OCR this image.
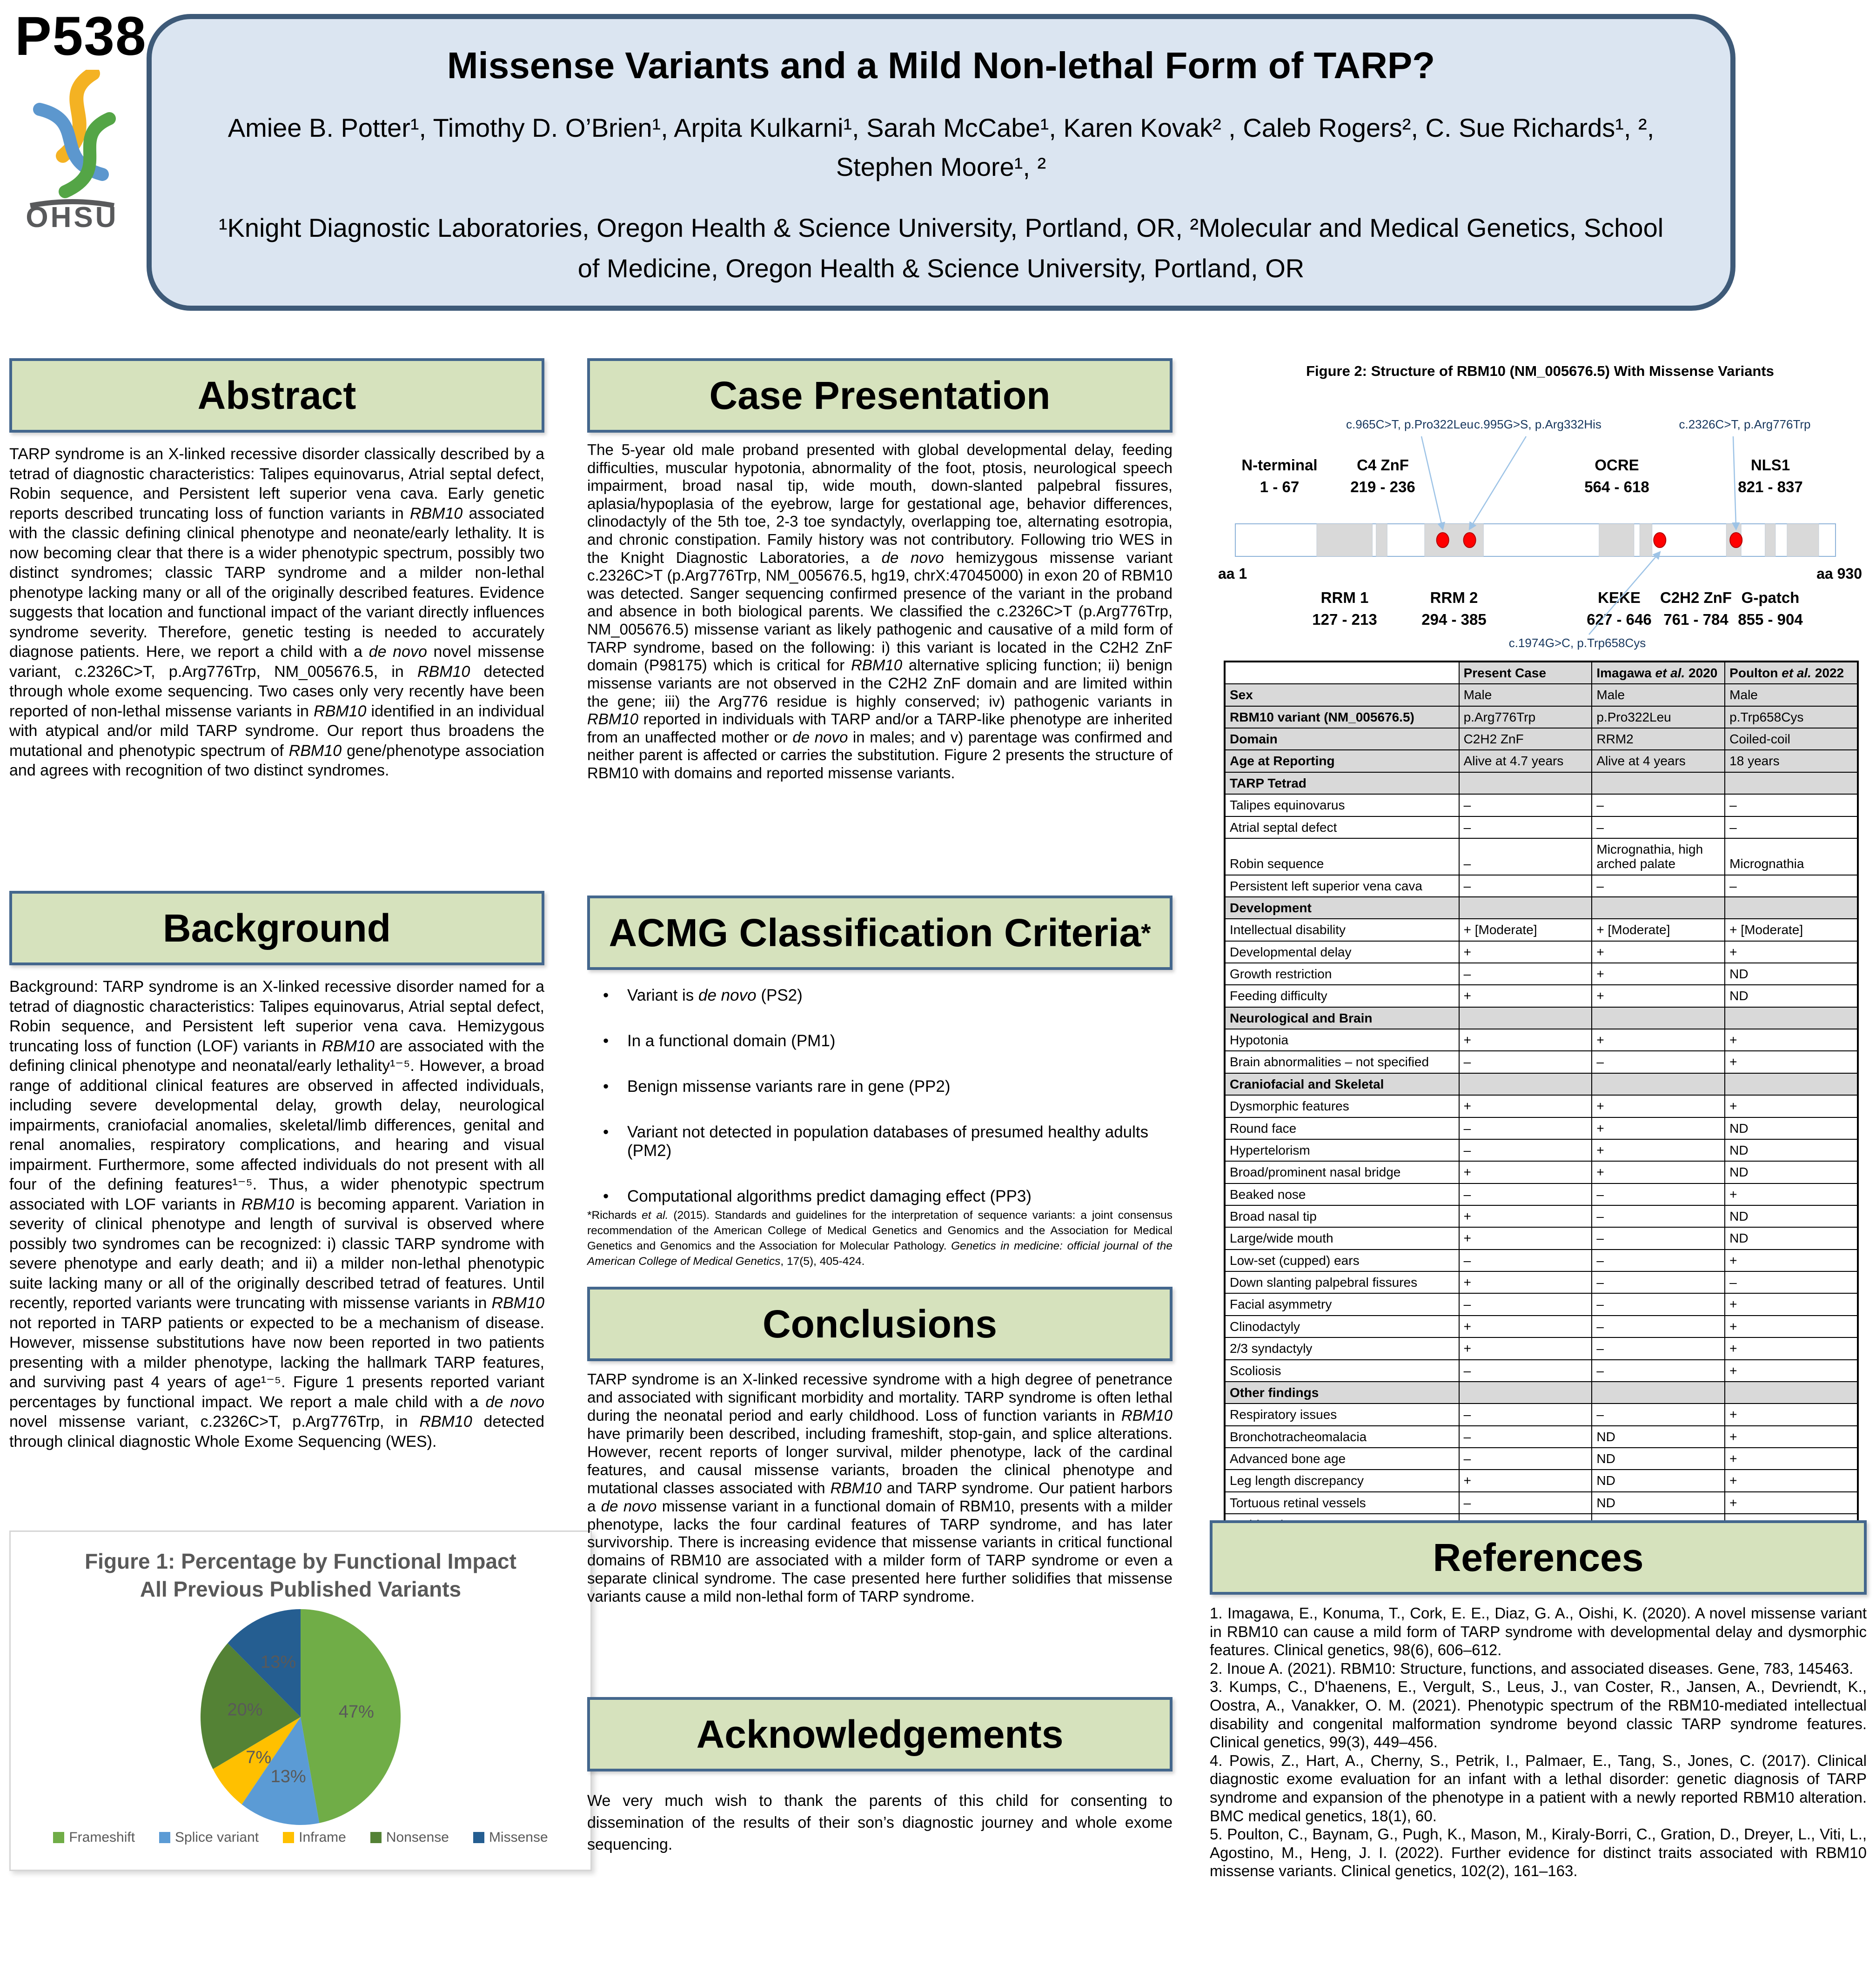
P538
OHSU
Missense Variants and a Mild Non-lethal Form of TARP?
Amiee B. Potter¹, Timothy D. O’Brien¹, Arpita Kulkarni¹, Sarah McCabe¹, Karen Kovak² , Caleb Rogers², C. Sue Richards¹, ², Stephen Moore¹, ²
¹Knight Diagnostic Laboratories, Oregon Health & Science University, Portland, OR, ²Molecular and Medical Genetics, School of Medicine, Oregon Health & Science University, Portland, OR
Abstract
TARP syndrome is an X-linked recessive disorder classically described by a tetrad of diagnostic characteristics: Talipes equinovarus, Atrial septal defect, Robin sequence, and Persistent left superior vena cava. Early genetic reports described truncating loss of function variants in RBM10 associated with the classic defining clinical phenotype and neonate/early lethality. It is now becoming clear that there is a wider phenotypic spectrum, possibly two distinct syndromes; classic TARP syndrome and a milder non-lethal phenotype lacking many or all of the originally described features. Evidence suggests that location and functional impact of the variant directly influences syndrome severity. Therefore, genetic testing is needed to accurately diagnose patients. Here, we report a child with a de novo novel missense variant, c.2326C>T, p.Arg776Trp, NM_005676.5, in RBM10 detected through whole exome sequencing. Two cases only very recently have been reported of non-lethal missense variants in RBM10 identified in an individual with atypical and/or mild TARP syndrome. Our report thus broadens the mutational and phenotypic spectrum of RBM10 gene/phenotype association and agrees with recognition of two distinct syndromes.
Background
Background: TARP syndrome is an X-linked recessive disorder named for a tetrad of diagnostic characteristics: Talipes equinovarus, Atrial septal defect, Robin sequence, and Persistent left superior vena cava. Hemizygous truncating loss of function (LOF) variants in RBM10 are associated with the defining clinical phenotype and neonatal/early lethality¹⁻⁵. However, a broad range of additional clinical features are observed in affected individuals, including severe developmental delay, growth delay, neurological impairments, craniofacial anomalies, skeletal/limb differences, genital and renal anomalies, respiratory complications, and hearing and visual impairment. Furthermore, some affected individuals do not present with all four of the defining features¹⁻⁵. Thus, a wider phenotypic spectrum associated with LOF variants in RBM10 is becoming apparent. Variation in severity of clinical phenotype and length of survival is observed where possibly two syndromes can be recognized: i) classic TARP syndrome with severe phenotype and early death; and ii) a milder non-lethal phenotypic suite lacking many or all of the originally described tetrad of features. Until recently, reported variants were truncating with missense variants in RBM10 not reported in TARP patients or expected to be a mechanism of disease. However, missense substitutions have now been reported in two patients presenting with a milder phenotype, lacking the hallmark TARP features, and surviving past 4 years of age¹⁻⁵. Figure 1 presents reported variant percentages by functional impact. We report a male child with a de novo novel missense variant, c.2326C>T, p.Arg776Trp, in RBM10 detected through clinical diagnostic Whole Exome Sequencing (WES).
Figure 1: Percentage by Functional Impact
All Previous Published Variants
47%
13%
7%
20%
13%
Frameshift	Splice variant	Inframe	Nonsense	Missense
Case Presentation
The 5-year old male proband presented with global developmental delay, feeding difficulties, muscular hypotonia, abnormality of the foot, ptosis, neurological speech impairment, broad nasal tip, wide mouth, down-slanted palpebral fissures, aplasia/hypoplasia of the eyebrow, large for gestational age, behavior differences, clinodactyly of the 5th toe, 2-3 toe syndactyly, overlapping toe, alternating esotropia, and chronic constipation. Family history was not contributory. Following trio WES in the Knight Diagnostic Laboratories, a de novo hemizygous missense variant c.2326C>T (p.Arg776Trp, NM_005676.5, hg19, chrX:47045000) in exon 20 of RBM10 was detected. Sanger sequencing confirmed presence of the variant in the proband and absence in both biological parents. We classified the c.2326C>T (p.Arg776Trp, NM_005676.5) missense variant as likely pathogenic and causative of a mild form of TARP syndrome, based on the following: i) this variant is located in the C2H2 ZnF domain (P98175) which is critical for RBM10 alternative splicing function; ii) benign missense variants are not observed in the C2H2 ZnF domain and are limited within the gene; iii) the Arg776 residue is highly conserved; iv) pathogenic variants in RBM10 reported in individuals with TARP and/or a TARP-like phenotype are inherited from an unaffected mother or de novo in males; and v) parentage was confirmed and neither parent is affected or carries the substitution. Figure 2 presents the structure of RBM10 with domains and reported missense variants.
ACMG Classification Criteria *
• Variant is de novo (PS2)
• In a functional domain (PM1)
• Benign missense variants rare in gene (PP2)
• Variant not detected in population databases of presumed healthy adults (PM2)
• Computational algorithms predict damaging effect (PP3)
*Richards et al. (2015). Standards and guidelines for the interpretation of sequence variants: a joint consensus recommendation of the American College of Medical Genetics and Genomics and the Association for Medical Genetics and Genomics and the Association for Molecular Pathology. Genetics in medicine: official journal of the American College of Medical Genetics, 17(5), 405-424.
Conclusions
TARP syndrome is an X-linked recessive syndrome with a high degree of penetrance and associated with significant morbidity and mortality. TARP syndrome is often lethal during the neonatal period and early childhood. Loss of function variants in RBM10 have primarily been described, including frameshift, stop-gain, and splice alterations. However, recent reports of longer survival, milder phenotype, lack of the cardinal features, and causal missense variants, broaden the clinical phenotype and mutational classes associated with RBM10 and TARP syndrome. Our patient harbors a de novo missense variant in a functional domain of RBM10, presents with a milder phenotype, lacks the four cardinal features of TARP syndrome, and has later survivorship. There is increasing evidence that missense variants in critical functional domains of RBM10 are associated with a milder form of TARP syndrome or even a separate clinical syndrome. The case presented here further solidifies that missense variants cause a mild non-lethal form of TARP syndrome.
Acknowledgements
We very much wish to thank the parents of this child for consenting to dissemination of the results of their son’s diagnostic journey and whole exome sequencing.
Figure 2: Structure of RBM10 (NM_005676.5) With Missense Variants
N-terminal
1 - 67
RRM 1
127 - 213
C4 ZnF
219 - 236
RRM 2
294 - 385
OCRE
564 - 618
KEKE
627 - 646
C2H2 ZnF
761 - 784
NLS1
821 - 837
G-patch
855 - 904
aa 1	aa 930
c.965C>T, p.Pro322Leu c.995G>S, p.Arg332His	c.2326C>T, p.Arg776Trp
c.1974G>C, p.Trp658Cys
	Present Case	Imagawa et al. 2020	Poulton et al. 2022
Sex	Male	Male	Male
RBM10 variant (NM_005676.5)	p.Arg776Trp	p.Pro322Leu	p.Trp658Cys
Domain	C2H2 ZnF	RRM2	Coiled-coil
Age at Reporting	Alive at 4.7 years	Alive at 4 years	18 years
TARP Tetrad			
Talipes equinovarus	–	–	–
Atrial septal defect	–	–	–
Robin sequence	–	Micrognathia, high arched palate	Micrognathia
Persistent left superior vena cava	–	–	–
Development			
Intellectual disability	+ [Moderate]	+ [Moderate]	+ [Moderate]
Developmental delay	+	+	+
Growth restriction	–	+	ND
Feeding difficulty	+	+	ND
Neurological and Brain			
Hypotonia	+	+	+
Brain abnormalities – not specified	–	–	+
Craniofacial and Skeletal			
Dysmorphic features	+	+	+
Round face	–	+	ND
Hypertelorism	–	+	ND
Broad/prominent nasal bridge	+	+	ND
Beaked nose	–	–	+
Broad nasal tip	+	–	ND
Large/wide mouth	+	–	ND
Low-set (cupped) ears	–	–	+
Down slanting palpebral fissures	+	–	–
Facial asymmetry	–	–	+
Clinodactyly	+	–	+
2/3 syndactyly	+	–	+
Scoliosis	–	–	+
Other findings			
Respiratory issues	–	–	+
Bronchotracheomalacia	–	ND	+
Advanced bone age	–	ND	+
Leg length discrepancy	+	ND	+
Tortuous retinal vessels	–	ND	+

References
1. Imagawa, E., Konuma, T., Cork, E. E., Diaz, G. A., Oishi, K. (2020). A novel missense variant in RBM10 can cause a mild form of TARP syndrome with developmental delay and dysmorphic features. Clinical genetics, 98(6), 606–612.
2. Inoue A. (2021). RBM10: Structure, functions, and associated diseases. Gene, 783, 145463.
3. Kumps, C., D'haenens, E., Vergult, S., Leus, J., van Coster, R., Jansen, A., Devriendt, K., Oostra, A., Vanakker, O. M. (2021). Phenotypic spectrum of the RBM10-mediated intellectual disability and congenital malformation syndrome beyond classic TARP syndrome features. Clinical genetics, 99(3), 449–456.
4. Powis, Z., Hart, A., Cherny, S., Petrik, I., Palmaer, E., Tang, S., Jones, C. (2017). Clinical diagnostic exome evaluation for an infant with a lethal disorder: genetic diagnosis of TARP syndrome and expansion of the phenotype in a patient with a newly reported RBM10 alteration. BMC medical genetics, 18(1), 60.
5. Poulton, C., Baynam, G., Pugh, K., Mason, M., Kiraly-Borri, C., Gration, D., Dreyer, L., Viti, L., Agostino, M., Heng, J. I. (2022). Further evidence for distinct traits associated with RBM10 missense variants. Clinical genetics, 102(2), 161–163.
